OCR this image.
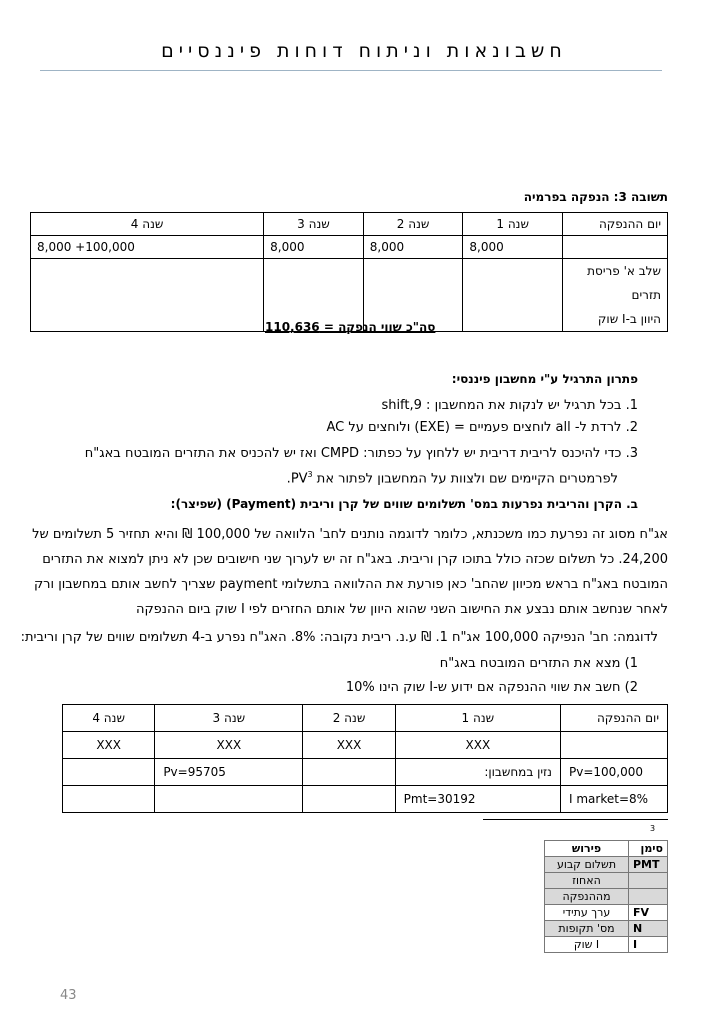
חשבונאות וניתוח דוחות פיננסיים
תשובה 3: הנפקה בפרמיה
יום ההנפקה	שנה 1	שנה 2	שנה 3	שנה 4
	8,000	8,000	8,000	100,000+ 8,000

שלב א' פריסת תזרים
היוון ב-I שוק				

סה"כ שווי הנפקה = 110,636
פתרון התרגיל ע"י מחשבון פיננסי:
1. בכל תרגיל יש לנקות את המחשבון : shift,9
2. לרדת ל- all לוחצים פעמיים = (EXE) ולוחצים על AC
3. כדי להיכנס לריבית דריבית יש ללחוץ על כפתור: CMPD ואז יש להכניס את התזרים המובטח באג"ח
לפרמטרים הקיימים שם ולצוות על המחשבון לפתור את $PV^3$.
ב. הקרן והריבית נפרעות במס' תשלומים שווים של קרן וריבית (Payment) (שפיצר):
אג"ח מסוג זה נפרעת כמו משכנתא, כלומר לדוגמה נותנים לחב' הלוואה של 100,000 ₪ והיא תחזיר 5 תשלומים של
24,200. כל תשלום שכזה כולל בתוכו קרן וריבית. באג"ח זה יש לערוך שני חישובים שכן לא ניתן למצוא את התזרים
המובטח באג"ח בראש מכיוון שהחב' כאן פורעת את ההלוואה בתשלומי payment שצריך לחשב אותם במחשבון ורק
לאחר שנחשב אותם נבצע את החישוב השני שהוא היוון של אותם החזרים לפי I שוק ביום ההנפקה
לדוגמה: חב' הנפיקה 100,000 אג"ח 1. ₪ ע.נ. ריבית נקובה: 8%. האג"ח נפרע ב-4 תשלומים שווים של קרן וריבית:
1) מצא את התזרים המובטח באג"ח
2) חשב את שווי ההנפקה אם ידוע ש-I שוק הינו 10%
יום ההנפקה	שנה 1	שנה 2	שנה 3	שנה 4
	XXX	XXX	XXX	XXX
Pv=100,000	נזין במחשבון:		Pv=95705	
I market=8%	Pmt=30192			
3
סימן	פירוש
PMT	תשלום קבוע
	האחוז
	מההנפקה
FV	ערך עתידי
N	מס' תקופות
I	I שוק
43
